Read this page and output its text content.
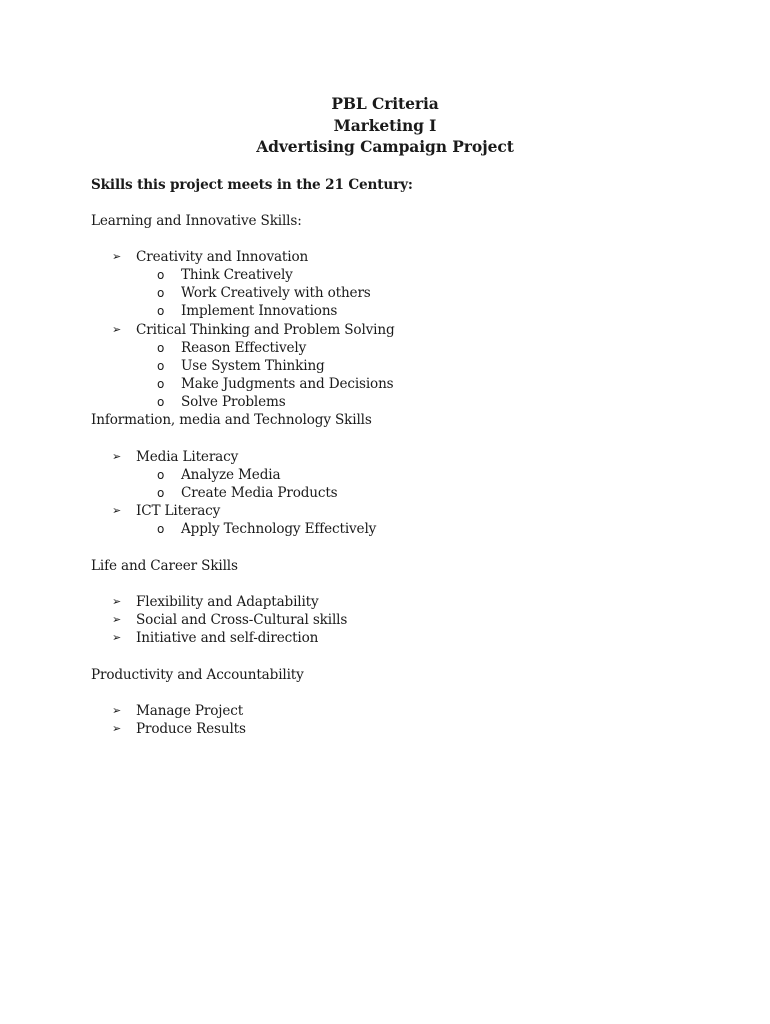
PBL Criteria
Marketing I
Advertising Campaign Project
Skills this project meets in the 21 Century:
Learning and Innovative Skills:
➢ Creativity and Innovation
o Think Creatively
o Work Creatively with others
o Implement Innovations
➢ Critical Thinking and Problem Solving
o Reason Effectively
o Use System Thinking
o Make Judgments and Decisions
o Solve Problems
Information, media and Technology Skills
➢ Media Literacy
o Analyze Media
o Create Media Products
➢ ICT Literacy
o Apply Technology Effectively
Life and Career Skills
➢ Flexibility and Adaptability
➢ Social and Cross-Cultural skills
➢ Initiative and self-direction
Productivity and Accountability
➢ Manage Project
➢ Produce Results
